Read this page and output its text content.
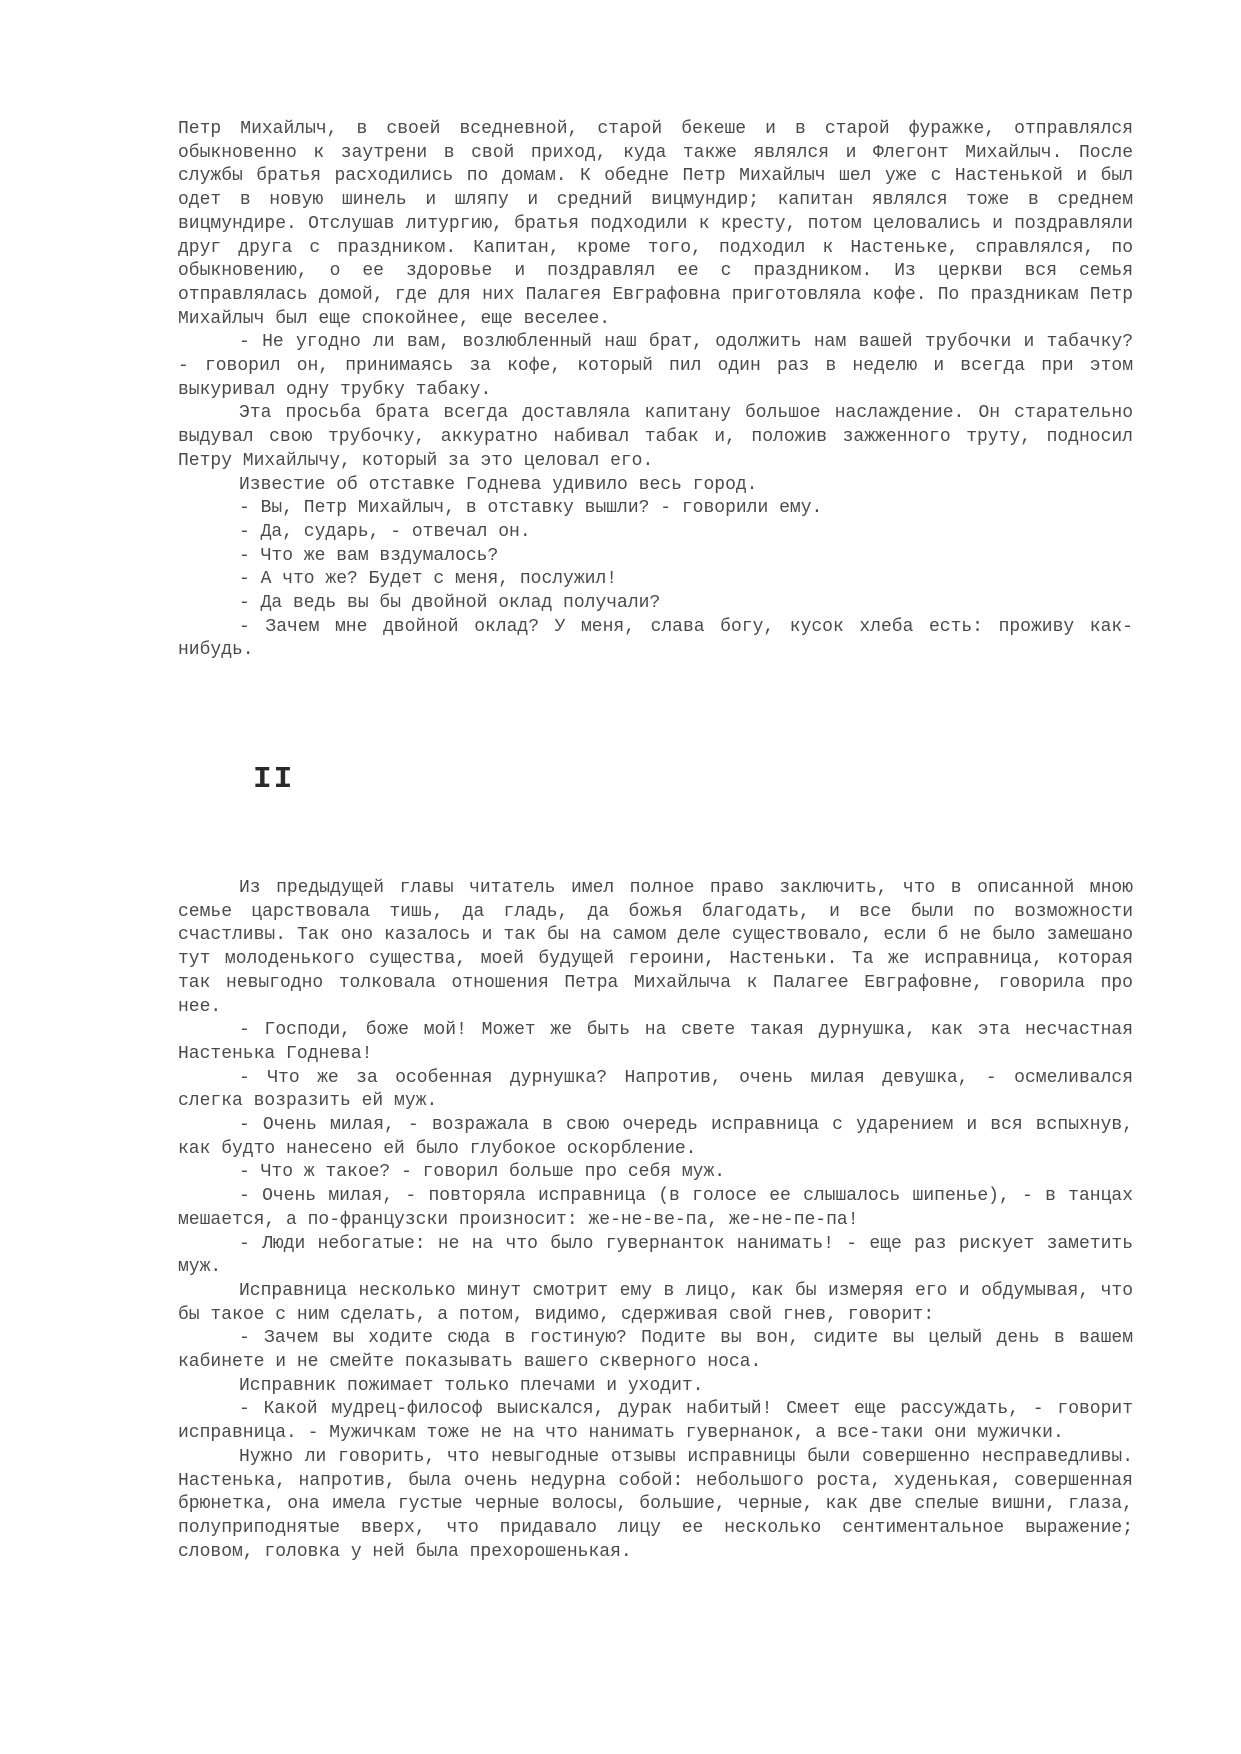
Петр Михайлыч, в своей вседневной, старой бекеше и в старой фуражке, отправлялся обыкновенно к заутрени в свой приход, куда также являлся и Флегонт Михайлыч. После службы братья расходились по домам. К обедне Петр Михайлыч шел уже с Настенькой и был одет в новую шинель и шляпу и средний вицмундир; капитан являлся тоже в среднем вицмундире. Отслушав литургию, братья подходили к кресту, потом целовались и поздравляли друг друга с праздником. Капитан, кроме того, подходил к Настеньке, справлялся, по обыкновению, о ее здоровье и поздравлял ее с праздником. Из церкви вся семья отправлялась домой, где для них Палагея Евграфовна приготовляла кофе. По праздникам Петр Михайлыч был еще спокойнее, еще веселее.

- Не угодно ли вам, возлюбленный наш брат, одолжить нам вашей трубочки и табачку? - говорил он, принимаясь за кофе, который пил один раз в неделю и всегда при этом выкуривал одну трубку табаку.

Эта просьба брата всегда доставляла капитану большое наслаждение. Он старательно выдувал свою трубочку, аккуратно набивал табак и, положив зажженного труту, подносил Петру Михайлычу, который за это целовал его.

Известие об отставке Годнева удивило весь город.

- Вы, Петр Михайлыч, в отставку вышли? - говорили ему.

- Да, сударь, - отвечал он.

- Что же вам вздумалось?

- А что же? Будет с меня, послужил!

- Да ведь вы бы двойной оклад получали?

- Зачем мне двойной оклад? У меня, слава богу, кусок хлеба есть: проживу как-нибудь.

II

Из предыдущей главы читатель имел полное право заключить, что в описанной мною семье царствовала тишь, да гладь, да божья благодать, и все были по возможности счастливы. Так оно казалось и так бы на самом деле существовало, если б не было замешано тут молоденького существа, моей будущей героини, Настеньки. Та же исправница, которая так невыгодно толковала отношения Петра Михайлыча к Палагее Евграфовне, говорила про нее.

- Господи, боже мой! Может же быть на свете такая дурнушка, как эта несчастная Настенька Годнева!

- Что же за особенная дурнушка? Напротив, очень милая девушка, - осмеливался слегка возразить ей муж.

- Очень милая, - возражала в свою очередь исправница с ударением и вся вспыхнув, как будто нанесено ей было глубокое оскорбление.

- Что ж такое? - говорил больше про себя муж.

- Очень милая, - повторяла исправница (в голосе ее слышалось шипенье), - в танцах мешается, а по-французски произносит: же-не-ве-па, же-не-пе-па!

- Люди небогатые: не на что было гувернанток нанимать! - еще раз рискует заметить муж.

Исправница несколько минут смотрит ему в лицо, как бы измеряя его и обдумывая, что бы такое с ним сделать, а потом, видимо, сдерживая свой гнев, говорит:

- Зачем вы ходите сюда в гостиную? Подите вы вон, сидите вы целый день в вашем кабинете и не смейте показывать вашего скверного носа.

Исправник пожимает только плечами и уходит.

- Какой мудрец-философ выискался, дурак набитый! Смеет еще рассуждать, - говорит исправница. - Мужичкам тоже не на что нанимать гувернанок, а все-таки они мужички.

Нужно ли говорить, что невыгодные отзывы исправницы были совершенно несправедливы. Настенька, напротив, была очень недурна собой: небольшого роста, худенькая, совершенная брюнетка, она имела густые черные волосы, большие, черные, как две спелые вишни, глаза, полуприподнятые вверх, что придавало лицу ее несколько сентиментальное выражение; словом, головка у ней была прехорошенькая.
